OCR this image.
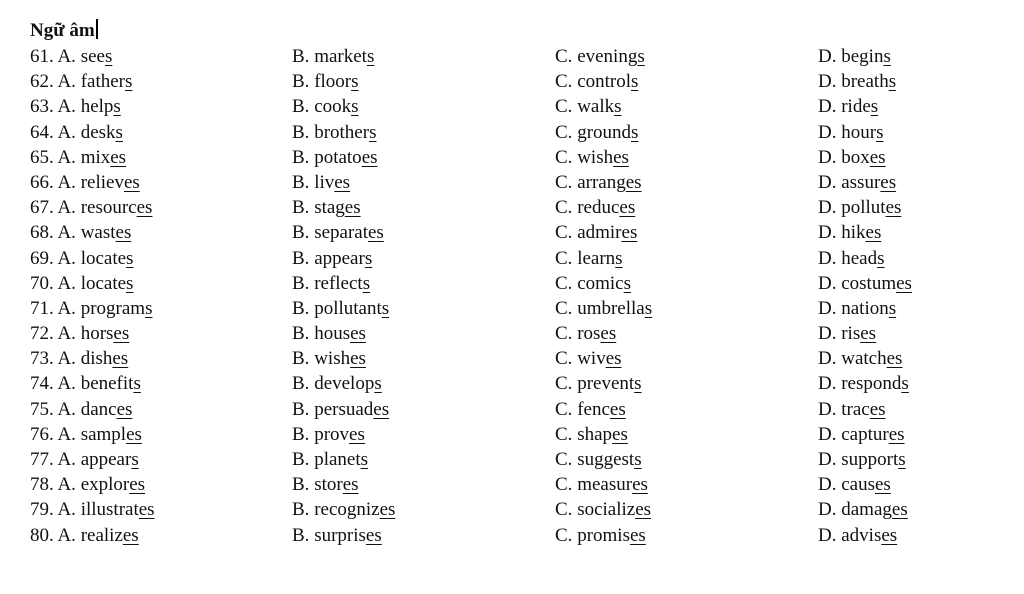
Ngữ âm
61. A. sees	B. markets	C. evenings	D. begins
62. A. fathers	B. floors	C. controls	D. breaths
63. A. helps	B. cooks	C. walks	D. rides
64. A. desks	B. brothers	C. grounds	D. hours
65. A. mixes	B. potatoes	C. wishes	D. boxes
66. A. relieves	B. lives	C. arranges	D. assures
67. A. resources	B. stages	C. reduces	D. pollutes
68. A. wastes	B. separates	C. admires	D. hikes
69. A. locates	B. appears	C. learns	D. heads
70. A. locates	B. reflects	C. comics	D. costumes
71. A. programs	B. pollutants	C. umbrellas	D. nations
72. A. horses	B. houses	C. roses	D. rises
73. A. dishes	B. wishes	C. wives	D. watches
74. A. benefits	B. develops	C. prevents	D. responds
75. A. dances	B. persuades	C. fences	D. traces
76. A. samples	B. proves	C. shapes	D. captures
77. A. appears	B. planets	C. suggests	D. supports
78. A. explores	B. stores	C. measures	D. causes
79. A. illustrates	B. recognizes	C. socializes	D. damages
80. A. realizes	B. surprises	C. promises	D. advises
